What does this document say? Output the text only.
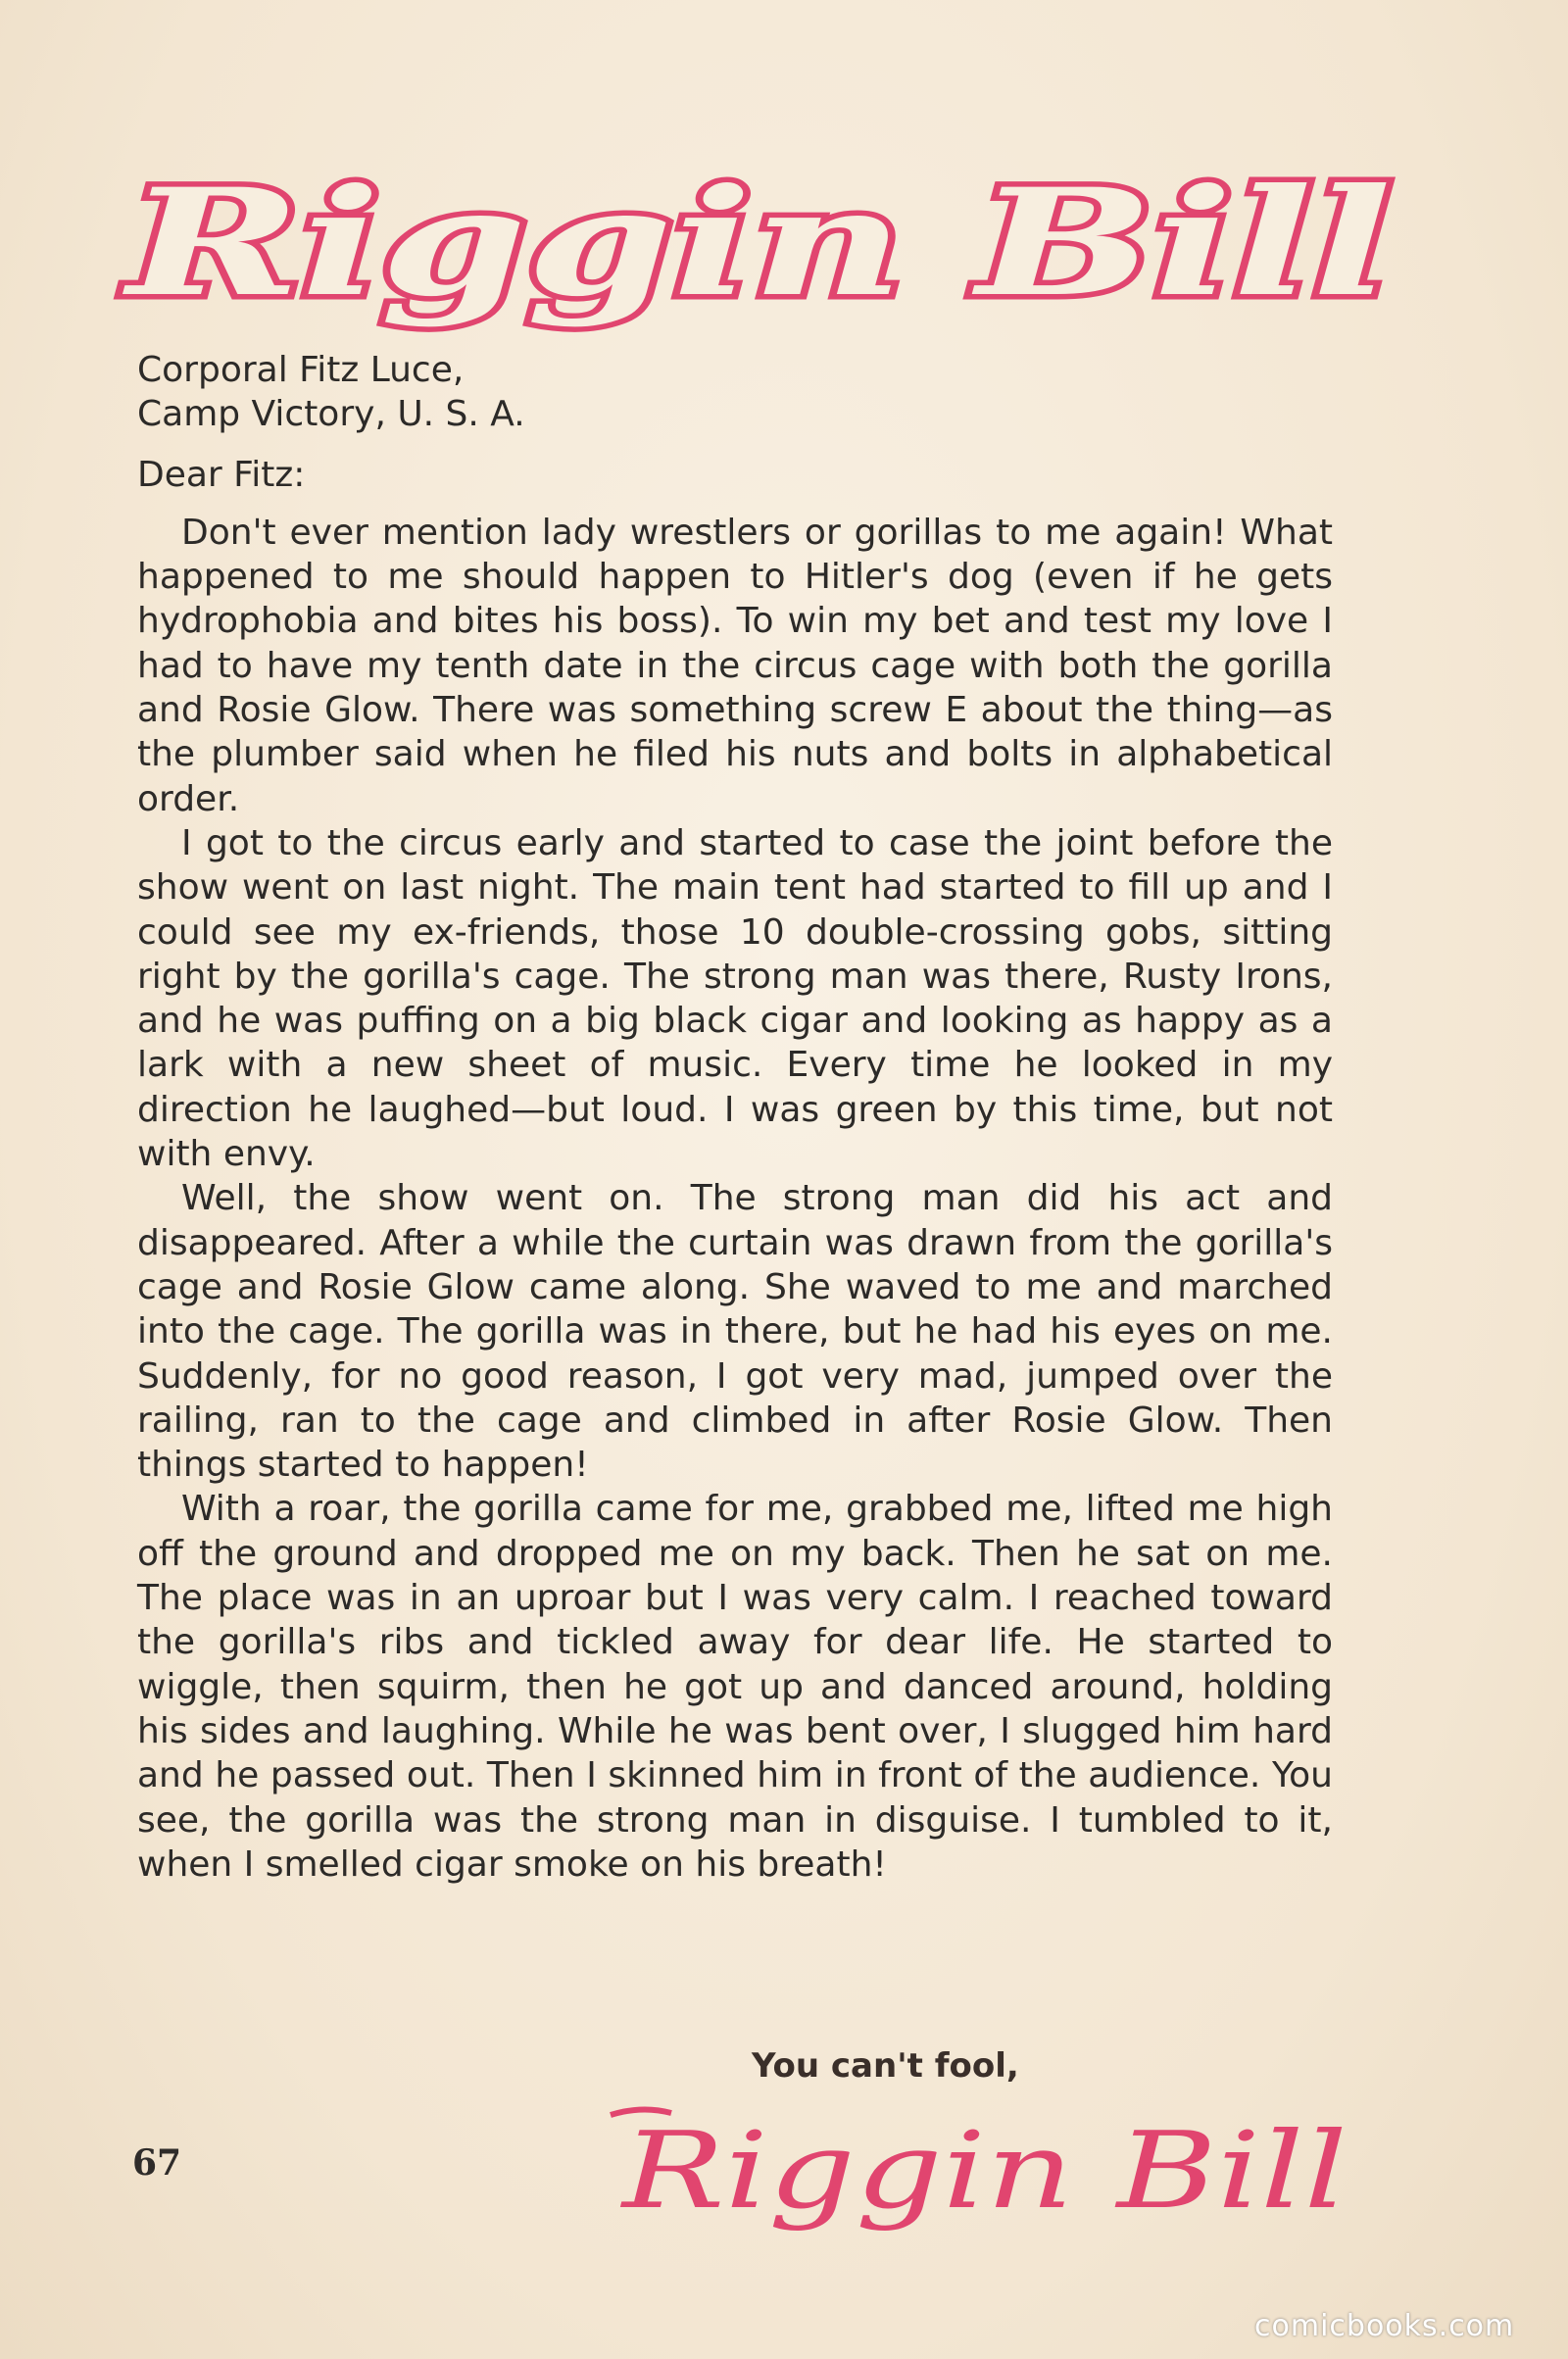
Riggin Bill
Corporal Fitz Luce,
Camp Victory, U. S. A.
Dear Fitz:

Don't ever mention lady wrestlers or gorillas to me again! What happened to me should happen to Hitler's dog (even if he gets hydrophobia and bites his boss). To win my bet and test my love I had to have my tenth date in the circus cage with both the gorilla and Rosie Glow. There was something screw E about the thing—as the plumber said when he filed his nuts and bolts in alphabetical order.

I got to the circus early and started to case the joint before the show went on last night. The main tent had started to fill up and I could see my ex-friends, those 10 double-crossing gobs, sitting right by the gorilla's cage. The strong man was there, Rusty Irons, and he was puffing on a big black cigar and looking as happy as a lark with a new sheet of music. Every time he looked in my direction he laughed—but loud. I was green by this time, but not with envy.

Well, the show went on. The strong man did his act and disappeared. After a while the curtain was drawn from the gorilla's cage and Rosie Glow came along. She waved to me and marched into the cage. The gorilla was in there, but he had his eyes on me. Suddenly, for no good reason, I got very mad, jumped over the railing, ran to the cage and climbed in after Rosie Glow. Then things started to happen!

With a roar, the gorilla came for me, grabbed me, lifted me high off the ground and dropped me on my back. Then he sat on me. The place was in an uproar but I was very calm. I reached toward the gorilla's ribs and tickled away for dear life. He started to wiggle, then squirm, then he got up and danced around, holding his sides and laughing. While he was bent over, I slugged him hard and he passed out. Then I skinned him in front of the audience. You see, the gorilla was the strong man in disguise. I tumbled to it, when I smelled cigar smoke on his breath!

You can't fool,
Riggin Bill
67
comicbooks.com
